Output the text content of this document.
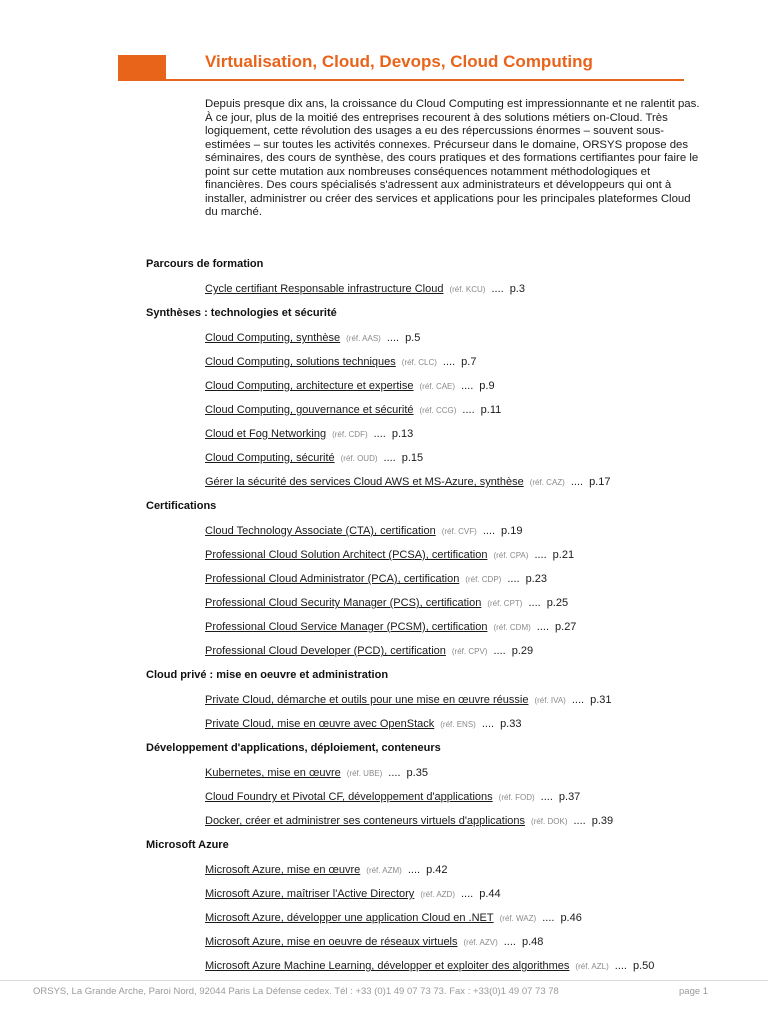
Virtualisation, Cloud, Devops, Cloud Computing

Depuis presque dix ans, la croissance du Cloud Computing est impressionnante et ne ralentit pas. À ce jour, plus de la moitié des entreprises recourent à des solutions métiers on-Cloud. Très logiquement, cette révolution des usages a eu des répercussions énormes – souvent sous-estimées – sur toutes les activités connexes. Précurseur dans le domaine, ORSYS propose des séminaires, des cours de synthèse, des cours pratiques et des formations certifiantes pour faire le point sur cette mutation aux nombreuses conséquences notamment méthodologiques et financières. Des cours spécialisés s'adressent aux administrateurs et développeurs qui ont à installer, administrer ou créer des services et applications pour les principales plateformes Cloud du marché.

Parcours de formation
Cycle certifiant Responsable infrastructure Cloud (réf. KCU) .... p.3
Synthèses : technologies et sécurité
Cloud Computing, synthèse (réf. AAS) .... p.5
Cloud Computing, solutions techniques (réf. CLC) .... p.7
Cloud Computing, architecture et expertise (réf. CAE) .... p.9
Cloud Computing, gouvernance et sécurité (réf. CCG) .... p.11
Cloud et Fog Networking (réf. CDF) .... p.13
Cloud Computing, sécurité (réf. OUD) .... p.15
Gérer la sécurité des services Cloud AWS et MS-Azure, synthèse (réf. CAZ) .... p.17
Certifications
Cloud Technology Associate (CTA), certification (réf. CVF) .... p.19
Professional Cloud Solution Architect (PCSA), certification (réf. CPA) .... p.21
Professional Cloud Administrator (PCA), certification (réf. CDP) .... p.23
Professional Cloud Security Manager (PCS), certification (réf. CPT) .... p.25
Professional Cloud Service Manager (PCSM), certification (réf. CDM) .... p.27
Professional Cloud Developer (PCD), certification (réf. CPV) .... p.29
Cloud privé : mise en oeuvre et administration
Private Cloud, démarche et outils pour une mise en œuvre réussie (réf. IVA) .... p.31
Private Cloud, mise en œuvre avec OpenStack (réf. ENS) .... p.33
Développement d'applications, déploiement, conteneurs
Kubernetes, mise en œuvre (réf. UBE) .... p.35
Cloud Foundry et Pivotal CF, développement d'applications (réf. FOD) .... p.37
Docker, créer et administrer ses conteneurs virtuels d'applications (réf. DOK) .... p.39
Microsoft Azure
Microsoft Azure, mise en œuvre (réf. AZM) .... p.42
Microsoft Azure, maîtriser l'Active Directory (réf. AZD) .... p.44
Microsoft Azure, développer une application Cloud en .NET (réf. WAZ) .... p.46
Microsoft Azure, mise en oeuvre de réseaux virtuels (réf. AZV) .... p.48
Microsoft Azure Machine Learning, développer et exploiter des algorithmes (réf. AZL) .... p.50

ORSYS, La Grande Arche, Paroi Nord, 92044 Paris La Défense cedex. Tél : +33 (0)1 49 07 73 73. Fax : +33(0)1 49 07 73 78	page 1
